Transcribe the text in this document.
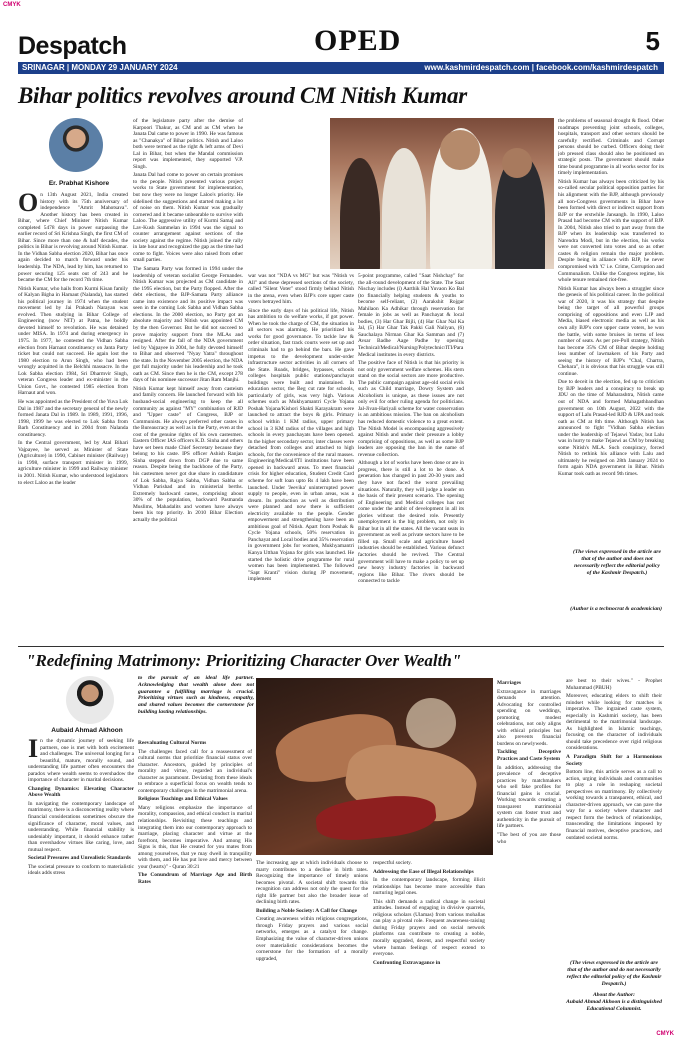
CMYK
Despatch	OPED	5
SRINAGAR | MONDAY 29 JANUARY 2024	www.kashmirdespatch.com | facebook.com/kashmirdespatch
Bihar politics revolves around CM Nitish Kumar
Er. Prabhat Kishore

On 13th August 2021, India created history with its 75th anniversary of independence "Amrit Mahotsava". Another history has been created in Bihar, where Chief Minister Nitish Kumar completed 5478 days in power surpassing the earlier record of Sri Krishna Singh, the first CM of Bihar. Since more than one & half decades, the politics in Bihar is revolving around Nitish Kumar. In the Vidhan Sabha election 2020, Bihar has once again decided to march forward under his leadership. The NDA, lead by him, has returned to power securing 125 seats out of 243 and he became the CM for the record 7th time.

Nitish Kumar, who hails from Kurmi Kisan family of Kalyan Bigha in Harnaut (Nalanda), has started his political journey in 1974 when the student movement led by Jai Prakash Narayan was evolved. Then studying in Bihar College of Engineering (now NIT) at Patna, he boldly devoted himself to revolution. He was detained under MISA. In 1974 and during emergency in 1975. In 1977, he contested the Vidhan Sabha election from Harnaut constituency on Janta Party ticket but could not succeed. He again lost the 1980 election to Arun Singh, who had been wrongly acquitted in the Belchhi massacre. In the Lok Sabha election 1984, Sri Dharmvir Singh, veteran Congress leader and ex-minister in the Union Govt., he contested 1985 election from Harnaut and won.

He was appointed as the President of the Yuva Lok Dal in 1987 and the secretary general of the newly formed Janata Dal in 1989. In 1989, 1991, 1996, 1998, 1999 he was elected to Lok Sabha from Barh Constituency and in 2004 from Nalanda constituency.

In the Central government, led by Atal Bihari Vajpayee, he served as Minister of State (Agriculture) in 1990, Cabinet minister (Railway) in 1998, surface transport minister in 1999, agriculture minister in 1999 and Railway minister in 2001. Nitish Kumar, who understood legislators to elect Laloo as the leader

of the legislature party after the demise of Karpoori Thakur, as CM and as CM when he Janata Dal came to power in 1990. He was famous as "Chanakya" of Bihar politics. Nitish and Laloo both were termed as the right & left arms of Devi Lal in Bihar, but when the Mandal commission report was implemented, they supported V.P. Singh.

Janata Dal had come to power on certain promises to the people. Nitish presented various project works to State government for implementation, but now they were no longer Laloo's priority. He sidelined the suggestions and started making a lot of noise on them. Nitish Kumar was gradually cornered and it became unbearable to survive with Laloo. The aggressive utility of Kurmi Samaj and Lav-Kush Sammelan in 1994 was the signal to counter arrangement against sections of the society against the regime. Nitish joined the rally in late hour and recognized the gap as the time had come to fight. Voices were also raised from other small parties.

The Samata Party was formed in 1994 under the leadership of veteran socialist George Fernandes. Nitish Kumar was projected as CM candidate in the 1995 election, but the Party flopped. After the debt elections, the BJP-Samata Party alliance came into existence and its positive impact was seen in the coming Lok Sabha and Vidhan Sabha elections. In the 2000 election, no Party got an absolute majority and Nitish was appointed CM by the then Governor. But he did not succeed to prove majority support from the MLAs and resigned. After the fall of the NDA government led by Vajpayee in 2004, he fully devoted himself to Bihar and observed "Nyay Yatra" throughout the state. In the November 2005 election, the NDA got full majority under his leadership and he took oath as CM. Since then he is the CM, except 278 days of his nominee successor Jitan Ram Manjhi.

Nitish Kumar kept himself away from casteism and family concern. He launched forward with his husband-social engineering to keep the all community as against "MY" combination of RJD and "Upper caste" of Congress, BJP or Communists. He always preferred other castes in the Bureaucracy as well as in the Party, even at the cost of the genuine rights of his own castesmen. Eastern Officer IAS officers K.D. Sinha and others have set been made Chief Secretary because they belong to his caste. IPS officer Ashish Ranjan Sinha stepped down from DGP due to same reason. Despite being the backbone of the Party, his castesmen never got due share in candidature of Lok Sabha, Rajya Sabha, Vidhan Sabha or Vidhan Parishad and in ministerial berths. Extremely backward castes, comprising about 30% of the population, backward Pasmanda Muslims, Mahadalits and women have always been his top priority. In 2010 Bihar Election actually the political

war was not "NDA vs MG" but was "Nitish vs All" and these depressed sections of the society, called "Silent Voter" stood firmly behind Nitish in the arena, even when BJP's core upper caste voters betrayed him.

Since the early days of his political life, Nitish has ambition to do welfare works, if got power. When he took the charge of CM, the situation in all sectors was alarming. He prioritized his works for good governance. To tackle law & order situation, fast track courts were set up and criminals had to go behind the bars. He gave impetus to the development under-order infrastructure sector activities in all corners of the State. Roads, bridges, bypasses, schools colleges hospitals public stations/panchayat buildings were built and maintained. In education sector, the Beg cut rate for schools, particularly of girls, was very high. Various schemes such as Mukhyamantri Cycle Yojana Poshak Yojana/Kishori Shakti Karayakram were launched to attract the boys & girls. Primary school within 1 KM radius, upper primary school in 3 KM radius of the villages and high schools in every panchayats have been opened. In the higher secondary sector, inter classes were detached from colleges and attached to high schools, for the convenience of the rural masses. Engineering/Medical/ITI institutions have been opened in backward areas. To meet financial crisis for higher education, Student Credit Card scheme for soft loan upto Rs 4 lakh have been launched. Under 'Jeevika' uninterrupted power supply to people, even in urban areas, was a dream. Its production as well as distribution were planned and now there is sufficient electricity available to the people. Gender empowerment and strengthening have been an ambitious goal of Nitish. Apart from Poshak & Cycle Yojana schools, 50% reservation in Panchayat and Local bodies and 35% reservation in government jobs for women, Mukhyamantri Kanya Utthan Yojana for girls was launched. He started the holistic drive programme for rural women has been implemented. The followed "Sapt Kranti" vision during JP movement, implement

5-point programme, called "Saat Nishchay" for the all-round development of the State. The Saat Nischay includes (i) Aarthik Hal Yuvaon Ko Bal (to financially helping students & youths to become self-reliant, (2) Aarakshit Rojgar Mahilaon Ka Adhikar through reservation for female in jobs as well as Panchayat & local bodies, (3) Har Ghar Bijli, (4) Har Ghar Nal Ka Jal, (5) Har Ghar Tak Pakki Gali Naliyan, (6) Sauchalaya Nirman Ghar Ka Samman and (7) Avsar Badhe Aage Padhe by opening Technical/Medical/Nursing/Polytechnic/ITI/Para Medical institutes in every districts.

The positive face of Nitish is that his priority is not only government welfare schemes. His stern stand on the social sectors are more productive. The public campaign against age-old social evils such as Child marriage, Dowry System and Alcoholism is unique, as these issues are not only evil for other ruling agenda for politicians. Jal-Jivan-Hariyali scheme for water conservation is an ambitious mission. The ban on alcoholism has reduced domestic violence to a great extent. The Nitish Model is encompassing aggressively against Nitish and under their pressure a lobby comprising of oppositions, as well as some BJP leaders are opposing the ban in the name of revenue collection.

Although a lot of works have been done or are in progress, there is still a lot to be done. A generation has changed in past 20-30 years and they have not faced the worst prevailing situations. Naturally, they will judge a leader on the basis of their present scenario. The opening of Engineering and Medical colleges has not come under the ambit of development in all its glories without the desired role. Presently unemployment is the big problem, not only in Bihar but in all the states. All the vacant seats in government as well as private sectors have to be filled up. Small scale and agriculture based industries should be established. Various defunct factories should be revived. The Central government will have to make a policy to set up new heavy industry factories in backward regions like Bihar. The rivers should be connected to tackle

the problems of seasonal drought & flood. Other roadmaps preventing joint schools, colleges, hospitals, transport and other sectors should be carefully rectified. Criminals and Corrupt persons should be curbed. Officers doing their job pressed class should also be positioned on strategic posts. The government should make time bound programme in all works sector for its timely implementation.

Nitish Kumar has always been criticized by his so-called secular political opposition parties for his alignment with the BJP, although previously all non-Congress governments in Bihar have been formed with direct or indirect support from BJP or the erstwhile Jansangh. In 1990, Laloo Prasad had become CM with the support of BJP. In 2004, Nitish also tried to part away from the BJP when its leadership was transferred to Narendra Modi, but in the election, his works were not converted into votes and so as other castes & religion remain the major problem. Despite being in alliance with BJP, he never compromised with 'C' i.e. Crime, Corruption and Communalism. Unlike the Congress regime, his whole tenure remained riot-free.

Nitish Kumar has always been a struggler since the genesis of his political career. In the political war of 2020, it was his strategy that despite being the target of all powerful groups comprising of oppositions and even LJP and Media, biased electronic media as well as his own ally BJP's core upper caste voters, he won the battle, with some bruises in terms of less number of seats. As per pre-Poll strategy, Nitish has become 35% CM of Bihar despite holding less number of lawmakers of his Party and seeing the history of BJP's "Chal, Chartra, Chehara", it is obvious that his struggle was still continue.

Due to deceit in the election, fed up to criticism by BJP leaders and a conspiracy to break up JDU on the time of Maharashtra, Nitish came out of NDA and formed Mahagathbandhan government on 10th August, 2022 with the support of Lalu Prasad-led RJD & UPA and took oath as CM at 8th time. Although Nitish has announced to fight "Vidhan Sabha election under the leadership of Tejaswi Yadav, but Lalu was in hurry to make Tejaswi as CM by breaking some Nitish's MLA. Such conspiracy, forced Nitish to rethink his alliance with Lalu and ultimately he resigned on 28th January 2024 to form again NDA government in Bihar. Nitish Kumar took oath as record 9th times.

(The views expressed in the article are that of the author and does not necessarily reflect the editorial policy of the Kashmir Despatch.)
(Author is a technocrat & academician)
"Redefining Matrimony: Prioritizing Character Over Wealth"
Aubaid Ahmad Akhoon
to the pursuit of an ideal life partner. Acknowledging that wealth alone does not guarantee a fulfilling marriage is crucial. Prioritizing virtues such as kindness, empathy, and shared values becomes the cornerstone for building lasting relationships.

In the dynamic journey of seeking life partners, one is met with both excitement and challenges. The universal longing for a beautiful, mature, morally sound, and understanding life partner often encounters the paradox where wealth seems to overshadow the importance of character in marital decisions.

Changing Dynamics: Elevating Character Above Wealth

In navigating the contemporary landscape of matrimony, there is a disconcerting reality where financial considerations sometimes obscure the significance of character, moral values, and understanding. While financial stability is undeniably important, it should enhance rather than overshadow virtues like caring, love, and mutual respect.

Societal Pressures and Unrealistic Standards

The societal pressure to conform to materialistic ideals adds stress

Reevaluating Cultural Norms

The challenges faced call for a reassessment of cultural norms that prioritize financial status over character. Ancestors, guided by principles of morality and virtue, regarded an individual's character as paramount. Deviating from these ideals to embrace a superficial focus on wealth tends to contemporary challenges in the matrimonial arena.

Religious Teachings and Ethical Values

Many religions emphasize the importance of morality, compassion, and ethical conduct in marital relationships. Revisiting these teachings and integrating them into our contemporary approach to marriage, placing character and virtue at the forefront, becomes imperative. And among His Signs is this, that He created for you mates from among yourselves, that ye may dwell in tranquility with them, and He has put love and mercy between your (hearts)" - Quran 30:21

The Conundrum of Marriage Age and Birth Rates

The increasing age at which individuals choose to marry contributes to a decline in birth rates. Recognizing the importance of timely unions becomes pivotal. A societal shift towards this recognition can address not only the quest for the right life partner but also the broader issue of declining birth rates.

Building a Noble Society: A Call for Change

Creating awareness within religious congregations, through Friday prayers and various social networks, emerges as a catalyst for change. Emphasizing the value of character-driven unions over materialistic considerations becomes the cornerstone for the formation of a morally upgraded,

respectful society.

Addressing the Ease of Illegal Relationships

In the contemporary landscape, forming illicit relationships has become more accessible than nurturing legal ones.

This shift demands a radical change in societal attitudes. Instead of engaging in divisive quarrels, religious scholars (Ulamas) from various mohallas can play a pivotal role. Frequent awareness-raising during Friday prayers and on social network platforms can contribute to creating a noble, morally upgraded, decent, and respectful society where human feelings of respect extend to everyone.

Confronting Extravagance in
Marriages

Extravagance in marriages demands attention. Advocating for controlled spending on weddings, promoting modest celebrations, not only aligns with ethical principles but also prevents financial burdens on newlyweds.

Tackling Deceptive Practices and Caste System

In addition, addressing the prevalence of deceptive practices by matchmakers who sell fake profiles for financial gains is crucial. Working towards creating a transparent matrimonial system can foster trust and authenticity in the pursuit of life partners.

"The best of you are those who

are best to their wives." - Prophet Muhammad (PBUH)

Moreover, educating elders to shift their mindset while looking for matches is imperative. The ingrained caste system, especially in Kashmiri society, has been detrimental to the matrimonial landscape. As highlighted in Islamic teachings, focusing on the character of individuals should take precedence over rigid religious considerations.

A Paradigm Shift for a Harmonious Society

Bottom line, this article serves as a call to action, urging individuals and communities to play a role in reshaping societal perspectives on matrimony. By collectively working towards a transparent, ethical, and character-driven approach, we can pave the way for a society where character and respect form the bedrock of relationships, transcending the limitations imposed by financial motives, deceptive practices, and outdated societal norms.

(The views expressed in the article are that of the author and do not necessarily reflect the editorial policy of the Kashmir Despatch.)
About the Author:
Aubaid Ahmad Akhoon is a distinguished Educational Columnist.
CMYK
